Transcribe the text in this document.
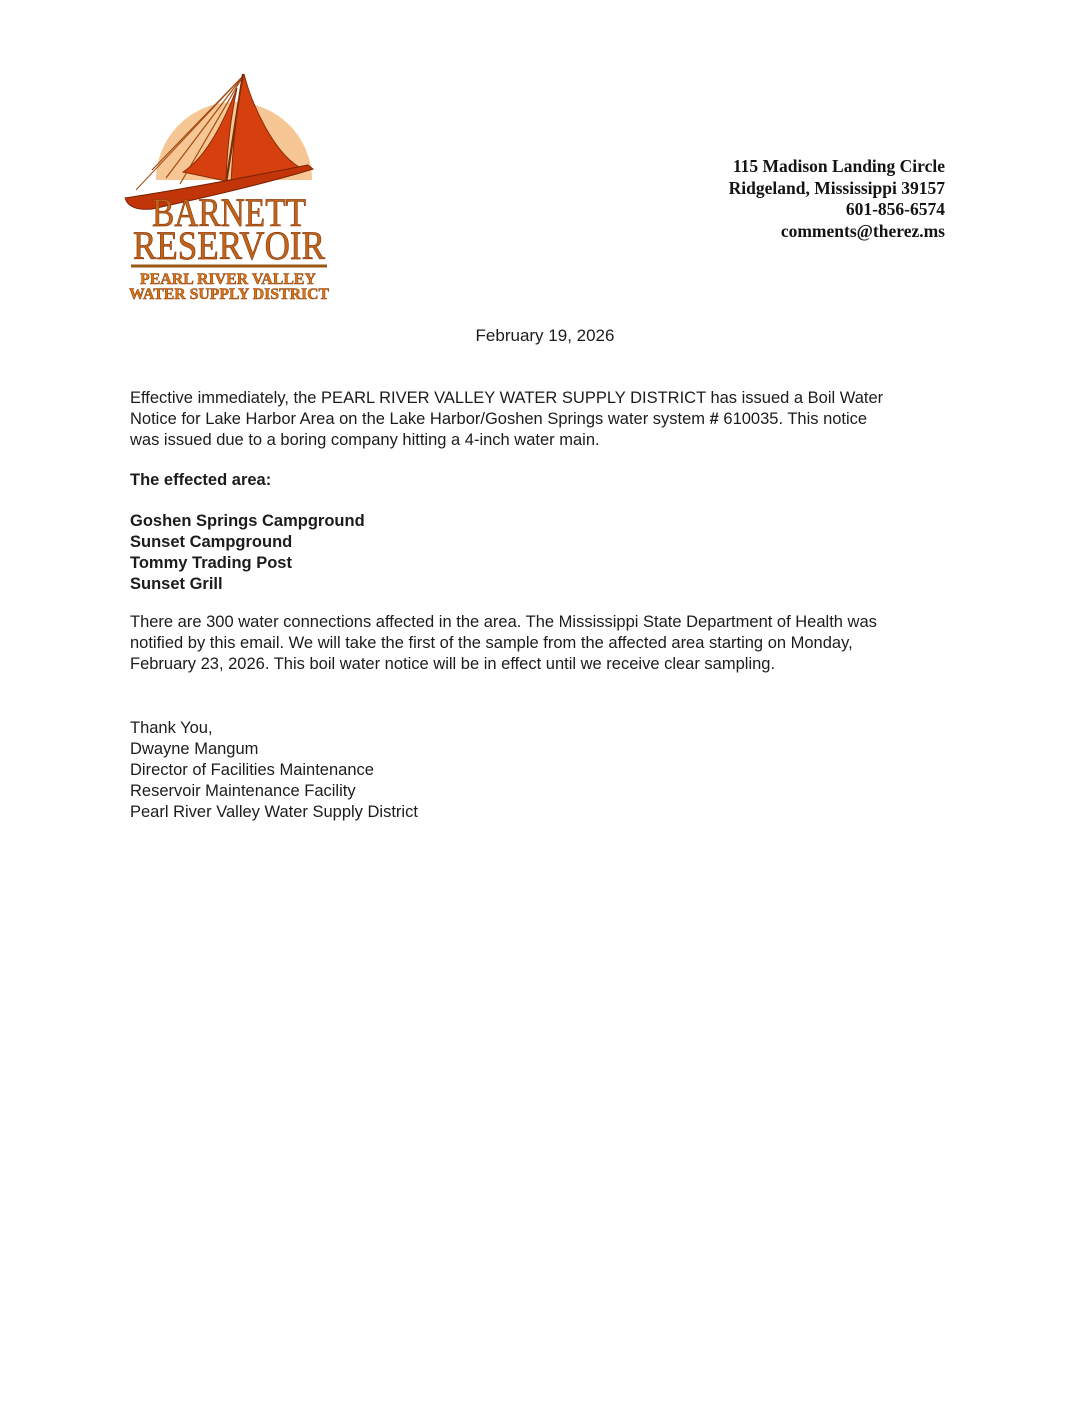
BARNETT
RESERVOIR
PEARL RIVER VALLEY
WATER SUPPLY DISTRICT
115 Madison Landing Circle
Ridgeland, Mississippi 39157
601-856-6574
comments@therez.ms
February 19, 2026
Effective immediately, the PEARL RIVER VALLEY WATER SUPPLY DISTRICT has issued a Boil Water
Notice for Lake Harbor Area on the Lake Harbor/Goshen Springs water system # 610035. This notice
was issued due to a boring company hitting a 4-inch water main.
The effected area:
Goshen Springs Campground
Sunset Campground
Tommy Trading Post
Sunset Grill
There are 300 water connections affected in the area. The Mississippi State Department of Health was
notified by this email. We will take the first of the sample from the affected area starting on Monday,
February 23, 2026. This boil water notice will be in effect until we receive clear sampling.
Thank You,
Dwayne Mangum
Director of Facilities Maintenance
Reservoir Maintenance Facility
Pearl River Valley Water Supply District
